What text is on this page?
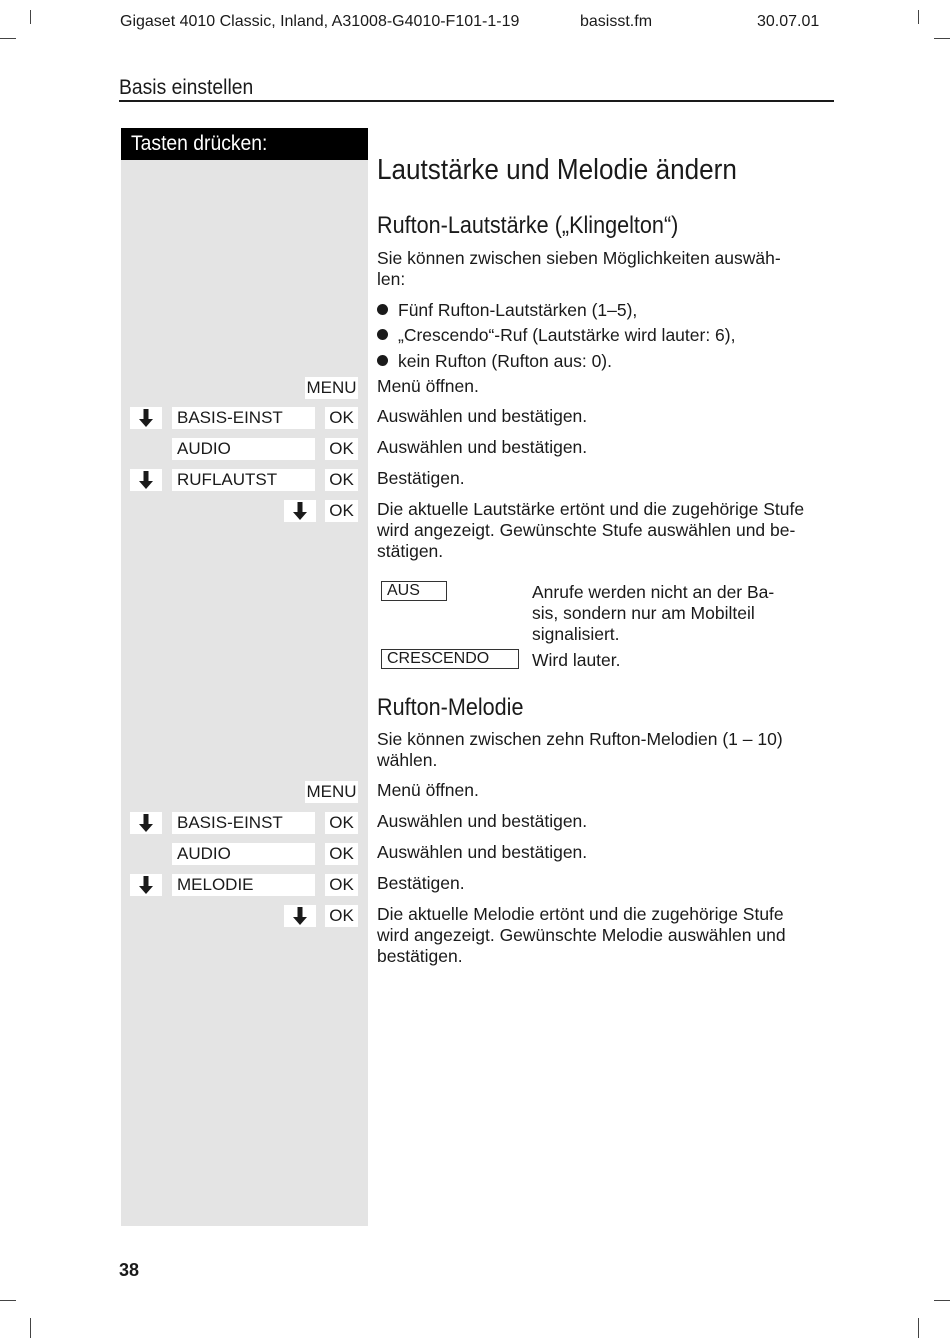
Gigaset 4010 Classic, Inland, A31008-G4010-F101-1-19	basisst.fm	30.07.01
Basis einstellen
Tasten drücken:
Lautstärke und Melodie ändern
Rufton-Lautstärke („Klingelton“)
Sie können zwischen sieben Möglichkeiten auswäh-
len:
Fünf Rufton-Lautstärken (1–5),
„Crescendo“-Ruf (Lautstärke wird lauter: 6),
kein Rufton (Rufton aus: 0).
MENU Menü öffnen.
BASIS-EINST	OK Auswählen und bestätigen.
AUDIO	OK Auswählen und bestätigen.
RUFLAUTST	OK Bestätigen.
OK Die aktuelle Lautstärke ertönt und die zugehörige Stufe
wird angezeigt. Gewünschte Stufe auswählen und be-
stätigen.
AUS	Anrufe werden nicht an der Ba-
sis, sondern nur am Mobilteil
signalisiert.
CRESCENDO	Wird lauter.
Rufton-Melodie
Sie können zwischen zehn Rufton-Melodien (1 – 10)
wählen.
MENU Menü öffnen.
BASIS-EINST	OK Auswählen und bestätigen.
AUDIO	OK Auswählen und bestätigen.
MELODIE	OK Bestätigen.
OK Die aktuelle Melodie ertönt und die zugehörige Stufe
wird angezeigt. Gewünschte Melodie auswählen und
bestätigen.
38
